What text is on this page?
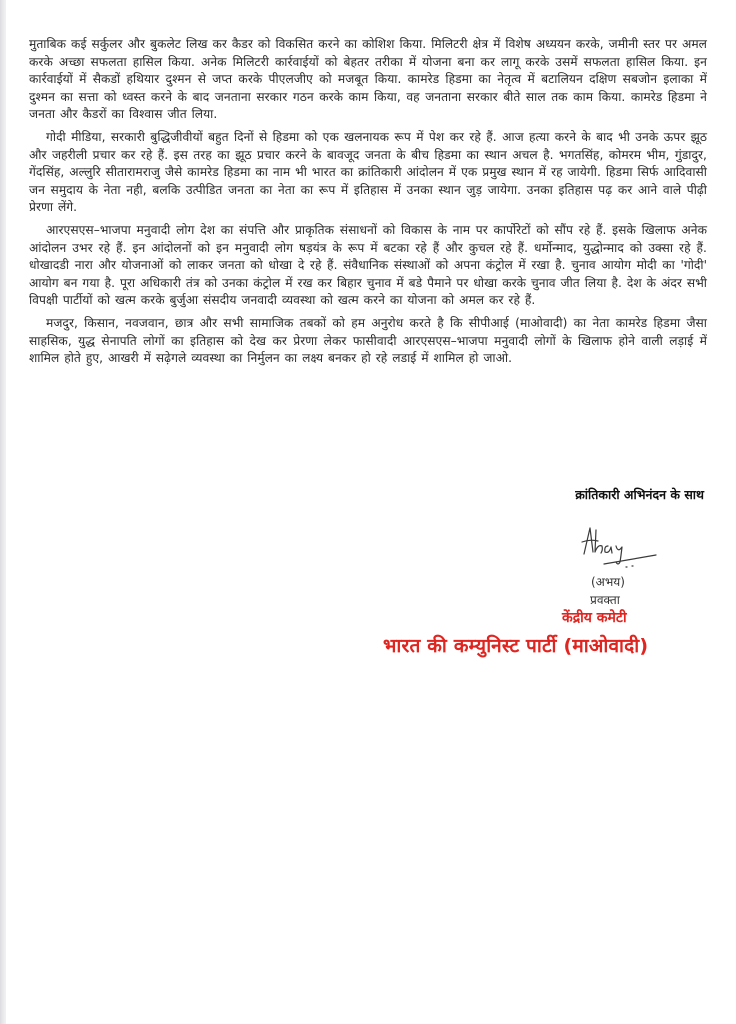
मुताबिक कई सर्कुलर और बुकलेट लिख कर कैडर को विकसित करने का कोशिश किया. मिलिटरी क्षेत्र में विशेष अध्ययन करके, जमीनी स्तर पर अमल करके अच्छा सफलता हासिल किया. अनेक मिलिटरी कार्रवाईयों को बेहतर तरीका में योजना बना कर लागू करके उसमें सफलता हासिल किया. इन कार्रवाईयों में सैकडों हथियार दुश्मन से जप्त करके पीएलजीए को मजबूत किया. कामरेड हिडमा का नेतृत्व में बटालियन दक्षिण सबजोन इलाका में दुश्मन का सत्ता को ध्वस्त करने के बाद जनताना सरकार गठन करके काम किया, वह जनताना सरकार बीते साल तक काम किया. कामरेड हिडमा ने जनता और कैडरों का विश्वास जीत लिया.

गोदी मीडिया, सरकारी बुद्धिजीवीयों बहुत दिनों से हिडमा को एक खलनायक रूप में पेश कर रहे हैं. आज हत्या करने के बाद भी उनके ऊपर झूठ और जहरीली प्रचार कर रहे हैं. इस तरह का झूठ प्रचार करने के बावजूद जनता के बीच हिडमा का स्थान अचल है. भगतसिंह, कोमरम भीम, गुंडादुर, गेंदसिंह, अल्लुरि सीतारामराजु जैसे कामरेड हिडमा का नाम भी भारत का क्रांतिकारी आंदोलन में एक प्रमुख स्थान में रह जायेगी. हिडमा सिर्फ आदिवासी जन समुदाय के नेता नही, बलकि उत्पीडित जनता का नेता का रूप में इतिहास में उनका स्थान जुड़ जायेगा. उनका इतिहास पढ़ कर आने वाले पीढ़ी प्रेरणा लेंगे.

आरएसएस–भाजपा मनुवादी लोग देश का संपत्ति और प्राकृतिक संसाधनों को विकास के नाम पर कार्पोरेटों को सौंप रहे हैं. इसके खिलाफ अनेक आंदोलन उभर रहे हैं. इन आंदोलनों को इन मनुवादी लोग षड़यंत्र के रूप में बटका रहे हैं और कुचल रहे हैं. धर्मोन्माद, युद्धोन्माद को उक्सा रहे हैं. धोखादडी नारा और योजनाओं को लाकर जनता को धोखा दे रहे हैं. संवैधानिक संस्थाओं को अपना कंट्रोल में रखा है. चुनाव आयोग मोदी का 'गोदी' आयोग बन गया है. पूरा अधिकारी तंत्र को उनका कंट्रोल में रख कर बिहार चुनाव में बडे पैमाने पर धोखा करके चुनाव जीत लिया है. देश के अंदर सभी विपक्षी पार्टीयों को खत्म करके बुर्जुआ संसदीय जनवादी व्यवस्था को खत्म करने का योजना को अमल कर रहे हैं.

मजदुर, किसान, नवजवान, छात्र और सभी सामाजिक तबकों को हम अनुरोध करते है कि सीपीआई (माओवादी) का नेता कामरेड हिडमा जैसा साहसिक, युद्ध सेनापति लोगों का इतिहास को देख कर प्रेरणा लेकर फासीवादी आरएसएस–भाजपा मनुवादी लोगों के खिलाफ होने वाली लड़ाई में शामिल होते हुए, आखरी में सढ़ेगले व्यवस्था का निर्मुलन का लक्ष्य बनकर हो रहे लडाई में शामिल हो जाओ.

क्रांतिकारी अभिनंदन के साथ
(अभय)
प्रवक्ता
केंद्रीय कमेटी
भारत की कम्युनिस्ट पार्टी (माओवादी)
